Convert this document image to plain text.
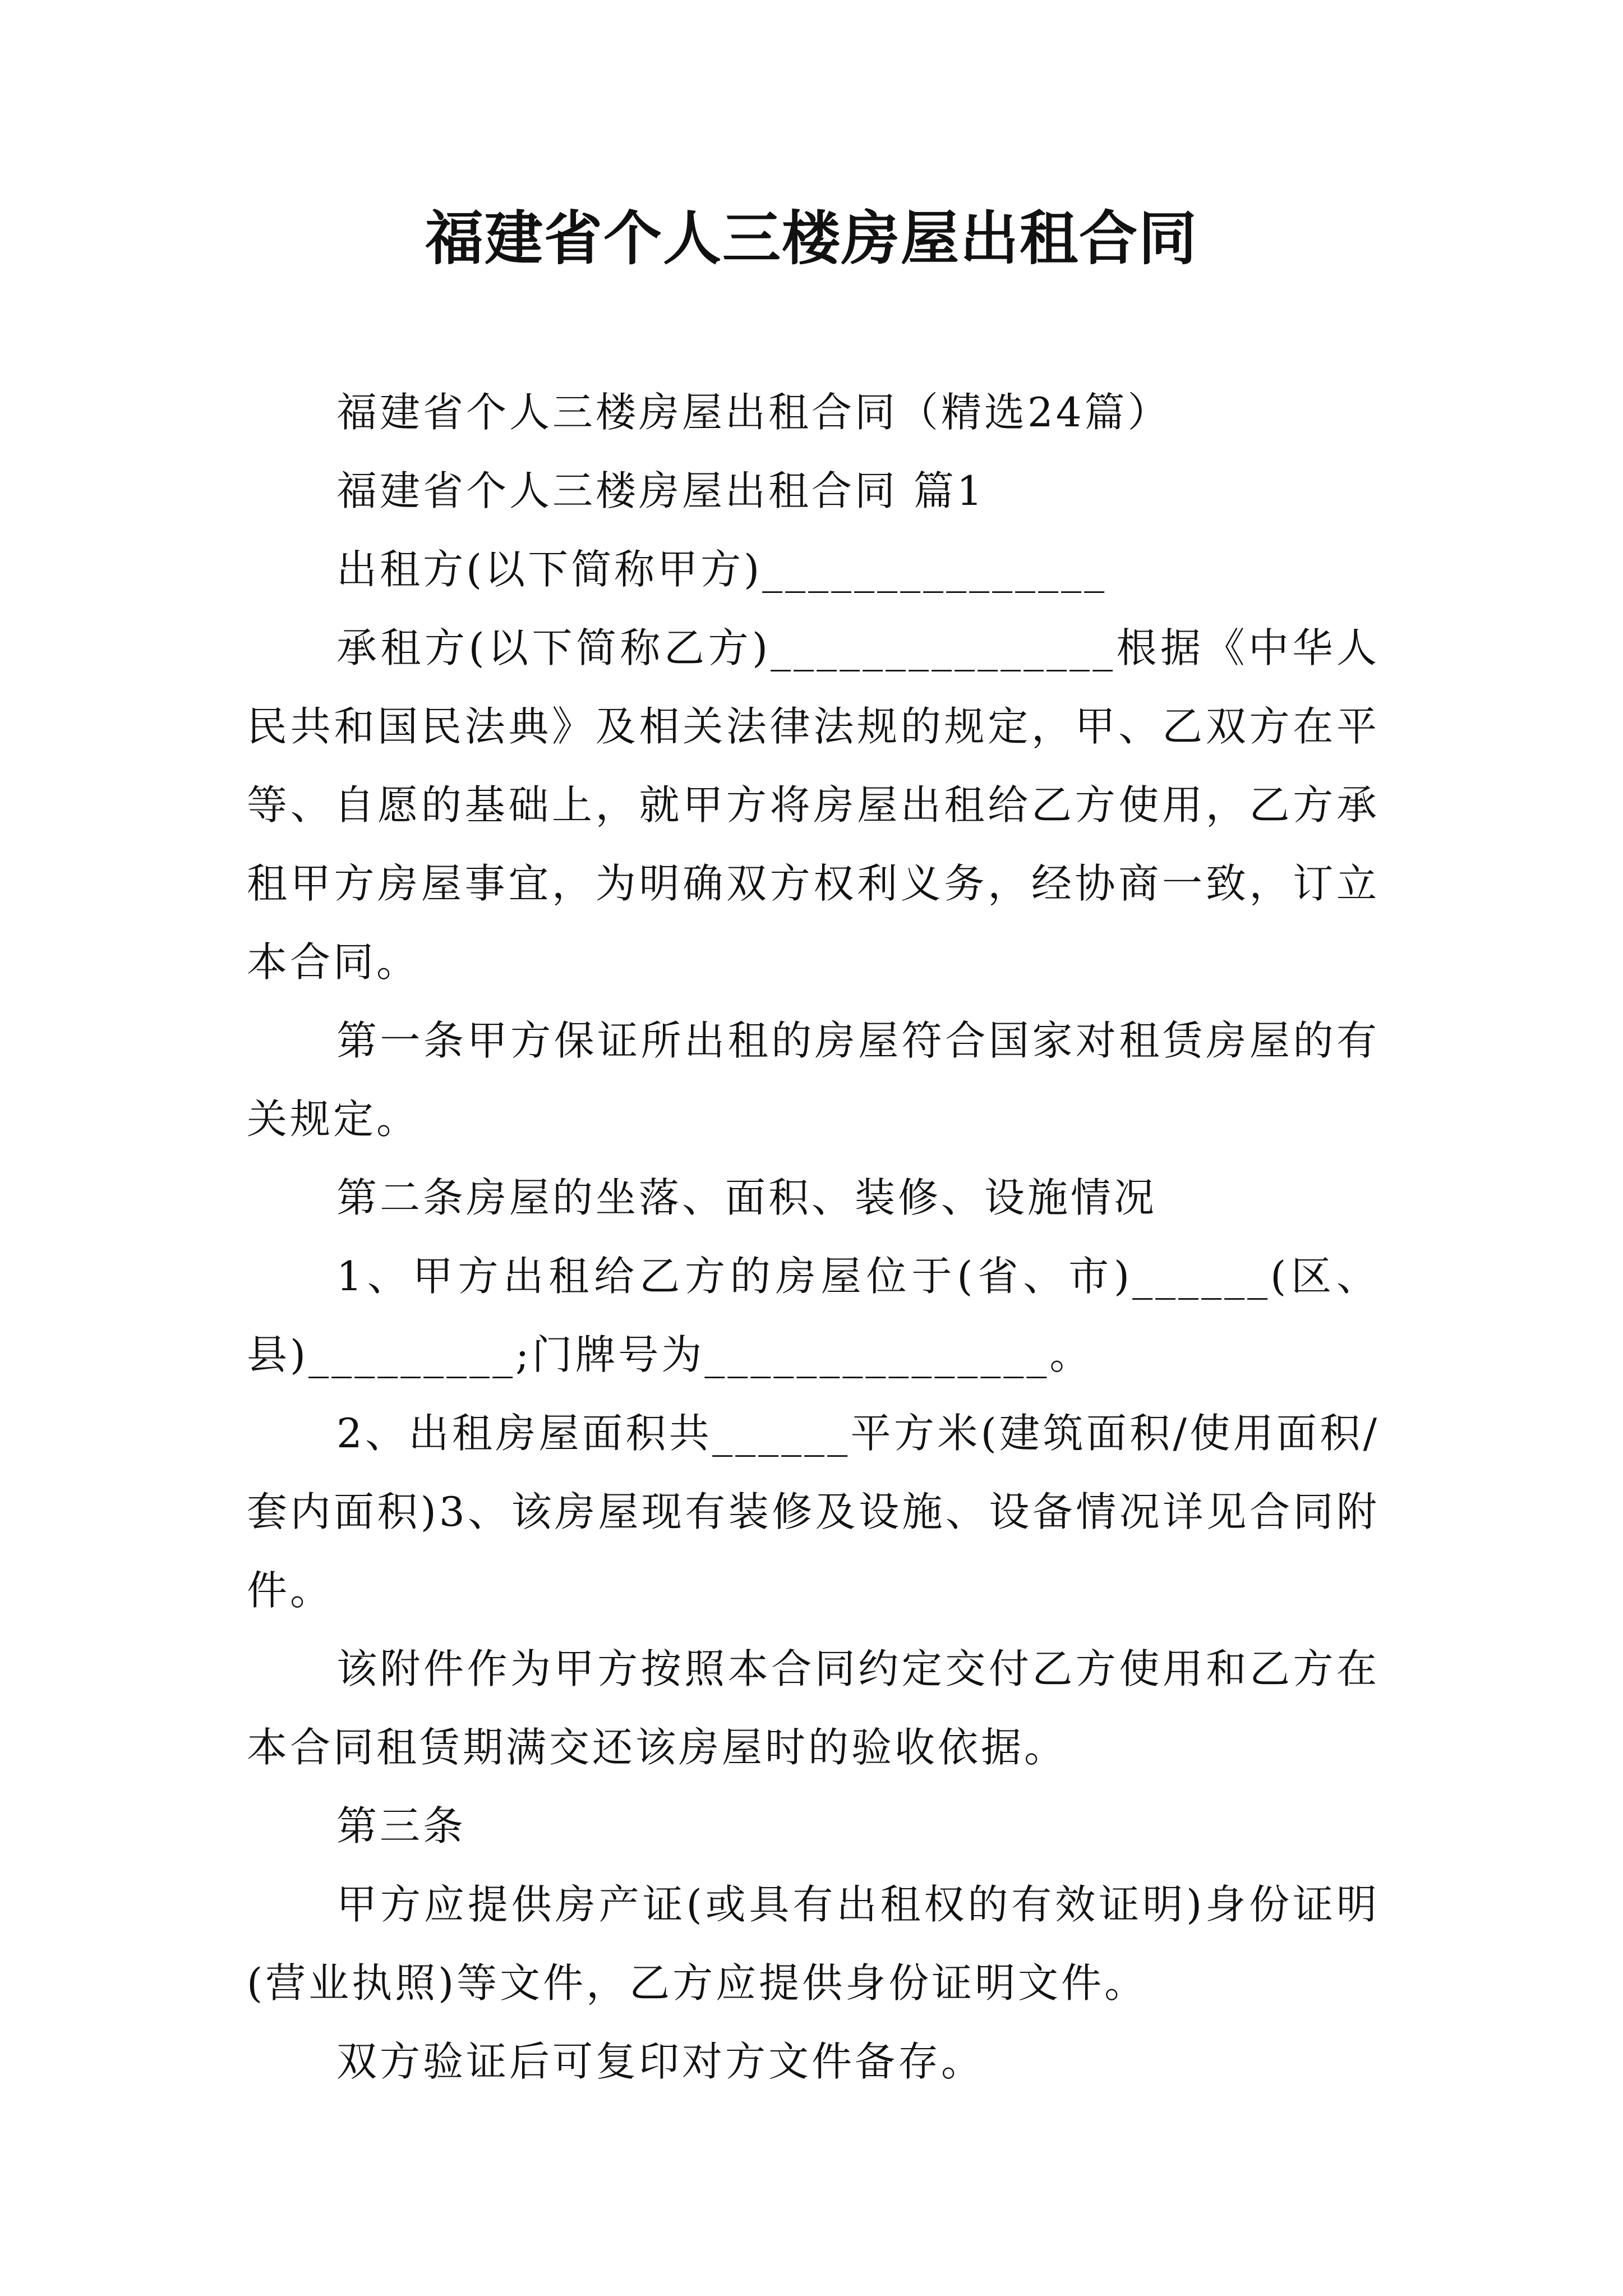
福建省个人三楼房屋出租合同

福建省个人三楼房屋出租合同（精选24篇）

福建省个人三楼房屋出租合同 篇1

出租方(以下简称甲方)_______________

承租方(以下简称乙方)_______________根据《中华人民共和国民法典》及相关法律法规的规定，甲、乙双方在平等、自愿的基础上，就甲方将房屋出租给乙方使用，乙方承租甲方房屋事宜，为明确双方权利义务，经协商一致，订立本合同。

第一条甲方保证所出租的房屋符合国家对租赁房屋的有关规定。

第二条房屋的坐落、面积、装修、设施情况

1、甲方出租给乙方的房屋位于(省、市)______(区、县)_________;门牌号为_______________。

2、出租房屋面积共______平方米(建筑面积/使用面积/套内面积)3、该房屋现有装修及设施、设备情况详见合同附件。

该附件作为甲方按照本合同约定交付乙方使用和乙方在本合同租赁期满交还该房屋时的验收依据。

第三条

甲方应提供房产证(或具有出租权的有效证明)身份证明(营业执照)等文件，乙方应提供身份证明文件。

双方验证后可复印对方文件备存。
